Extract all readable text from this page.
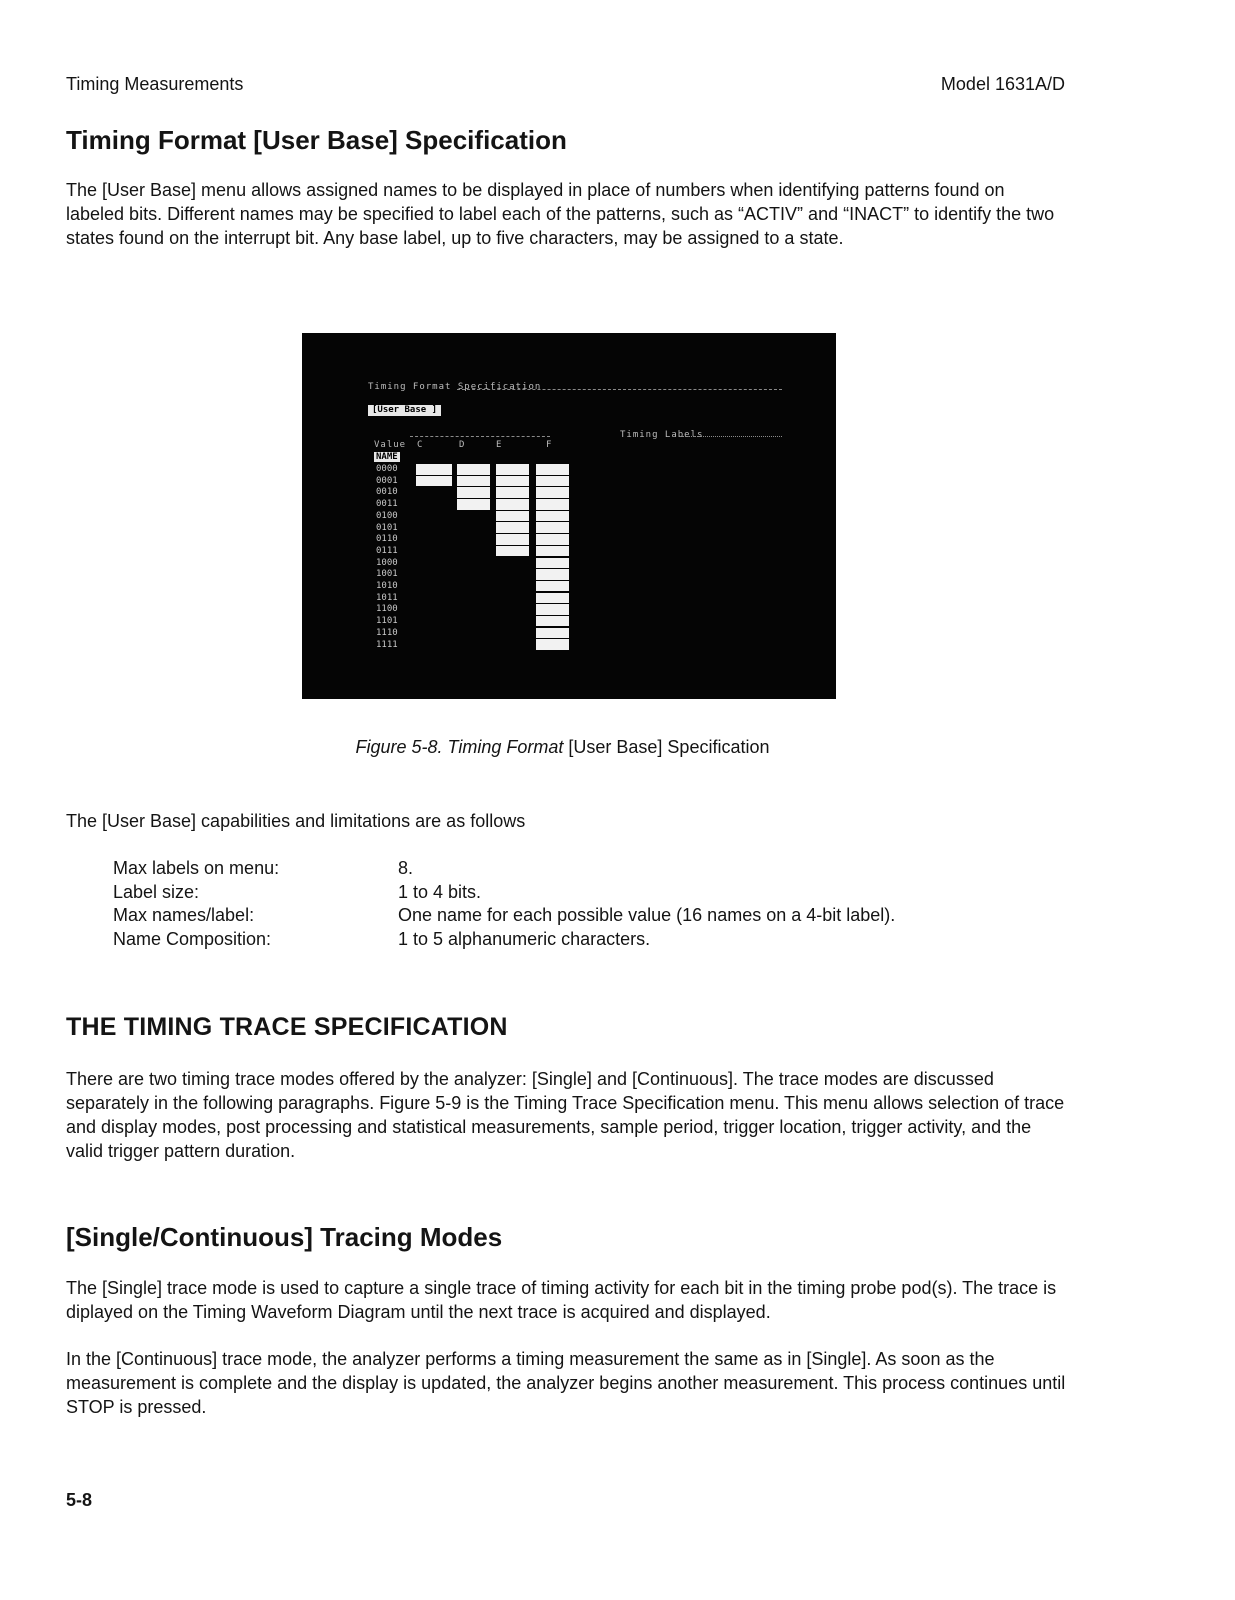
Timing Measurements	Model 1631A/D
Timing Format [User Base] Specification

The [User Base] menu allows assigned names to be displayed in place of numbers when identifying patterns found on labeled bits. Different names may be specified to label each of the patterns, such as “ACTIV” and “INACT” to identify the two states found on the interrupt bit. Any base label, up to five characters, may be assigned to a state.

Timing Format Specification
[User Base ]
Timing Labels
Value C	D	E	F
NAME
0000
0001
0010
0011
0100
0101
0110
0111
1000
1001
1010
1011
1100
1101
1110
1111
Figure 5-8. Timing Format [User Base] Specification

The [User Base] capabilities and limitations are as follows

Max labels on menu:	8.
Label size:	1 to 4 bits.
Max names/label:	One name for each possible value (16 names on a 4-bit label).
Name Composition:	1 to 5 alphanumeric characters.
THE TIMING TRACE SPECIFICATION

There are two timing trace modes offered by the analyzer: [Single] and [Continuous]. The trace modes are discussed separately in the following paragraphs. Figure 5-9 is the Timing Trace Specification menu. This menu allows selection of trace and display modes, post processing and statistical measurements, sample period, trigger location, trigger activity, and the valid trigger pattern duration.

[Single/Continuous] Tracing Modes

The [Single] trace mode is used to capture a single trace of timing activity for each bit in the timing probe pod(s). The trace is diplayed on the Timing Waveform Diagram until the next trace is acquired and displayed.

In the [Continuous] trace mode, the analyzer performs a timing measurement the same as in [Single]. As soon as the measurement is complete and the display is updated, the analyzer begins another measurement. This process continues until STOP is pressed.

5-8
